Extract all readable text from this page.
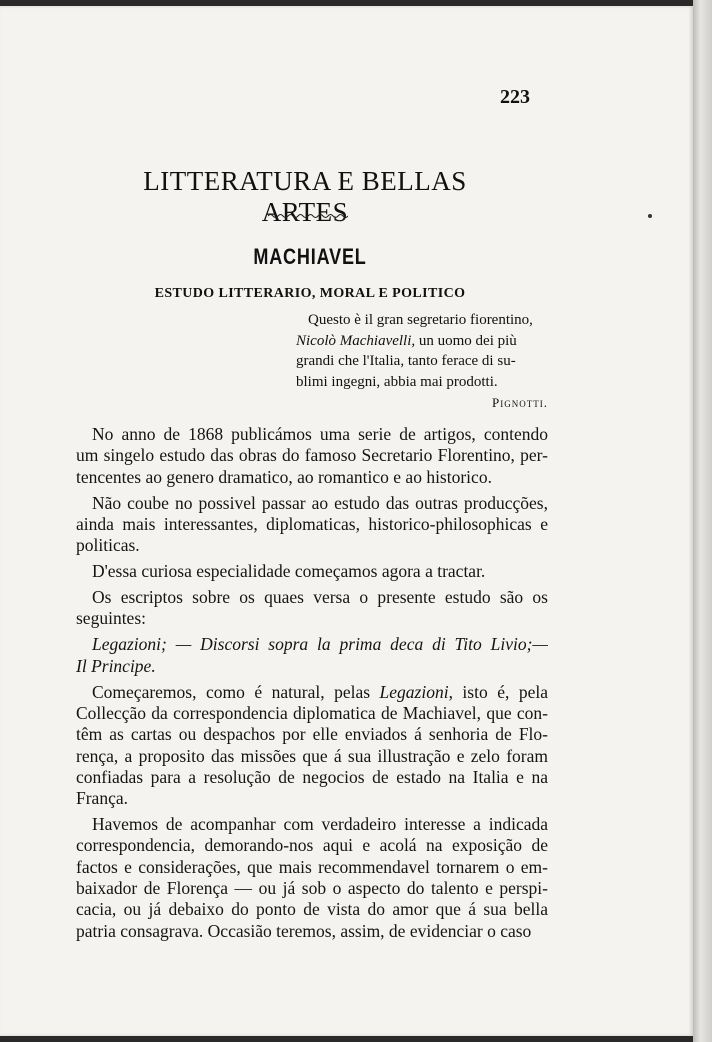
223
LITTERATURA E BELLAS ARTES
MACHIAVEL
ESTUDO LITTERARIO, MORAL E POLITICO
Questo è il gran segretario fiorentino,
Nicolò Machiavelli, un uomo dei più
grandi che l'Italia, tanto ferace di su-
blimi ingegni, abbia mai prodotti.
Pignotti.

No anno de 1868 publicámos uma serie de artigos, contendo
um singelo estudo das obras do famoso Secretario Florentino, per-
tencentes ao genero dramatico, ao romantico e ao historico.

Não coube no possivel passar ao estudo das outras producções,
ainda mais interessantes, diplomaticas, historico-philosophicas e
politicas.

D'essa curiosa especialidade começamos agora a tractar.

Os escriptos sobre os quaes versa o presente estudo são os
seguintes:

Legazioni; — Discorsi sopra la prima deca di Tito Livio;—
Il Principe.

Começaremos, como é natural, pelas Legazioni, isto é, pela
Collecção da correspondencia diplomatica de Machiavel, que con-
têm as cartas ou despachos por elle enviados á senhoria de Flo-
rença, a proposito das missões que á sua illustração e zelo foram
confiadas para a resolução de negocios de estado na Italia e na
França.

Havemos de acompanhar com verdadeiro interesse a indicada
correspondencia, demorando-nos aqui e acolá na exposição de
factos e considerações, que mais recommendavel tornarem o em-
baixador de Florença — ou já sob o aspecto do talento e perspi-
cacia, ou já debaixo do ponto de vista do amor que á sua bella
patria consagrava. Occasião teremos, assim, de evidenciar o caso
